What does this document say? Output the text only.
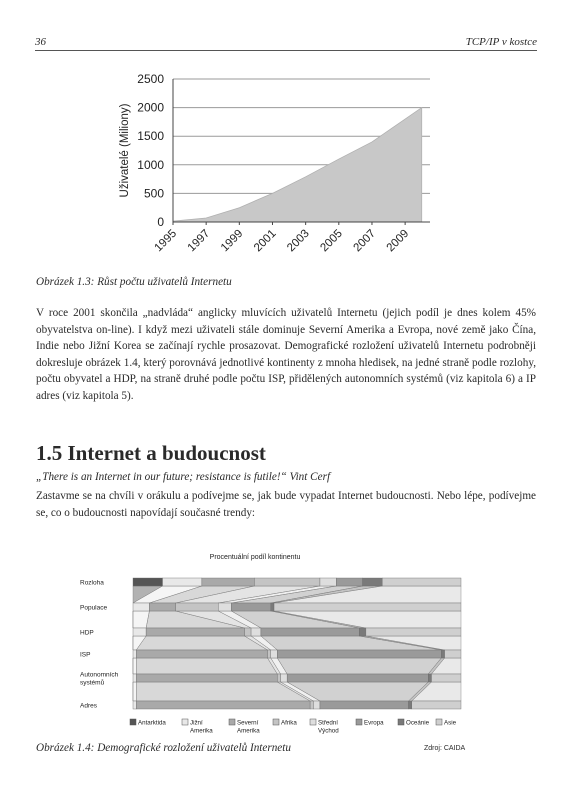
36	TCP/IP v kostce
0
500
1000
1500
2000
2500
1995 1997 1999 2001 2003 2005 2007 2009
Uživatelé (Miliony)
Obrázek 1.3: Růst počtu uživatelů Internetu
V roce 2001 skončila „nadvláda“ anglicky mluvících uživatelů Internetu (jejich podíl je dnes kolem 45% obyvatelstva on-line). I když mezi uživateli stále dominuje Severní Amerika a Evropa, nové země jako Čína, Indie nebo Jižní Korea se začínají rychle prosazovat. Demografické rozložení uživatelů Internetu podrobněji dokresluje obrázek 1.4, který porovnává jednotlivé kontinenty z mnoha hledisek, na jedné straně podle rozlohy, počtu obyvatel a HDP, na straně druhé podle počtu ISP, přidělených autonomních systémů (viz kapitola 6) a IP adres (viz kapitola 5).
1.5 Internet a budoucnost
„There is an Internet in our future; resistance is futile!“ Vint Cerf
Zastavme se na chvíli v orákulu a podívejme se, jak bude vypadat Internet budoucnosti. Nebo lépe, podívejme se, co o budoucnosti napovídají současné trendy:
Procentuální podíl kontinentu
Rozloha
Populace
HDP
ISP
Autonomních systémů
Adres
Antarktida	Jižní Amerika
Severní Amerika
Afrika	Střední Východ
Evropa	Oceánie Asie
Obrázek 1.4: Demografické rozložení uživatelů Internetu	Zdroj: CAIDA
